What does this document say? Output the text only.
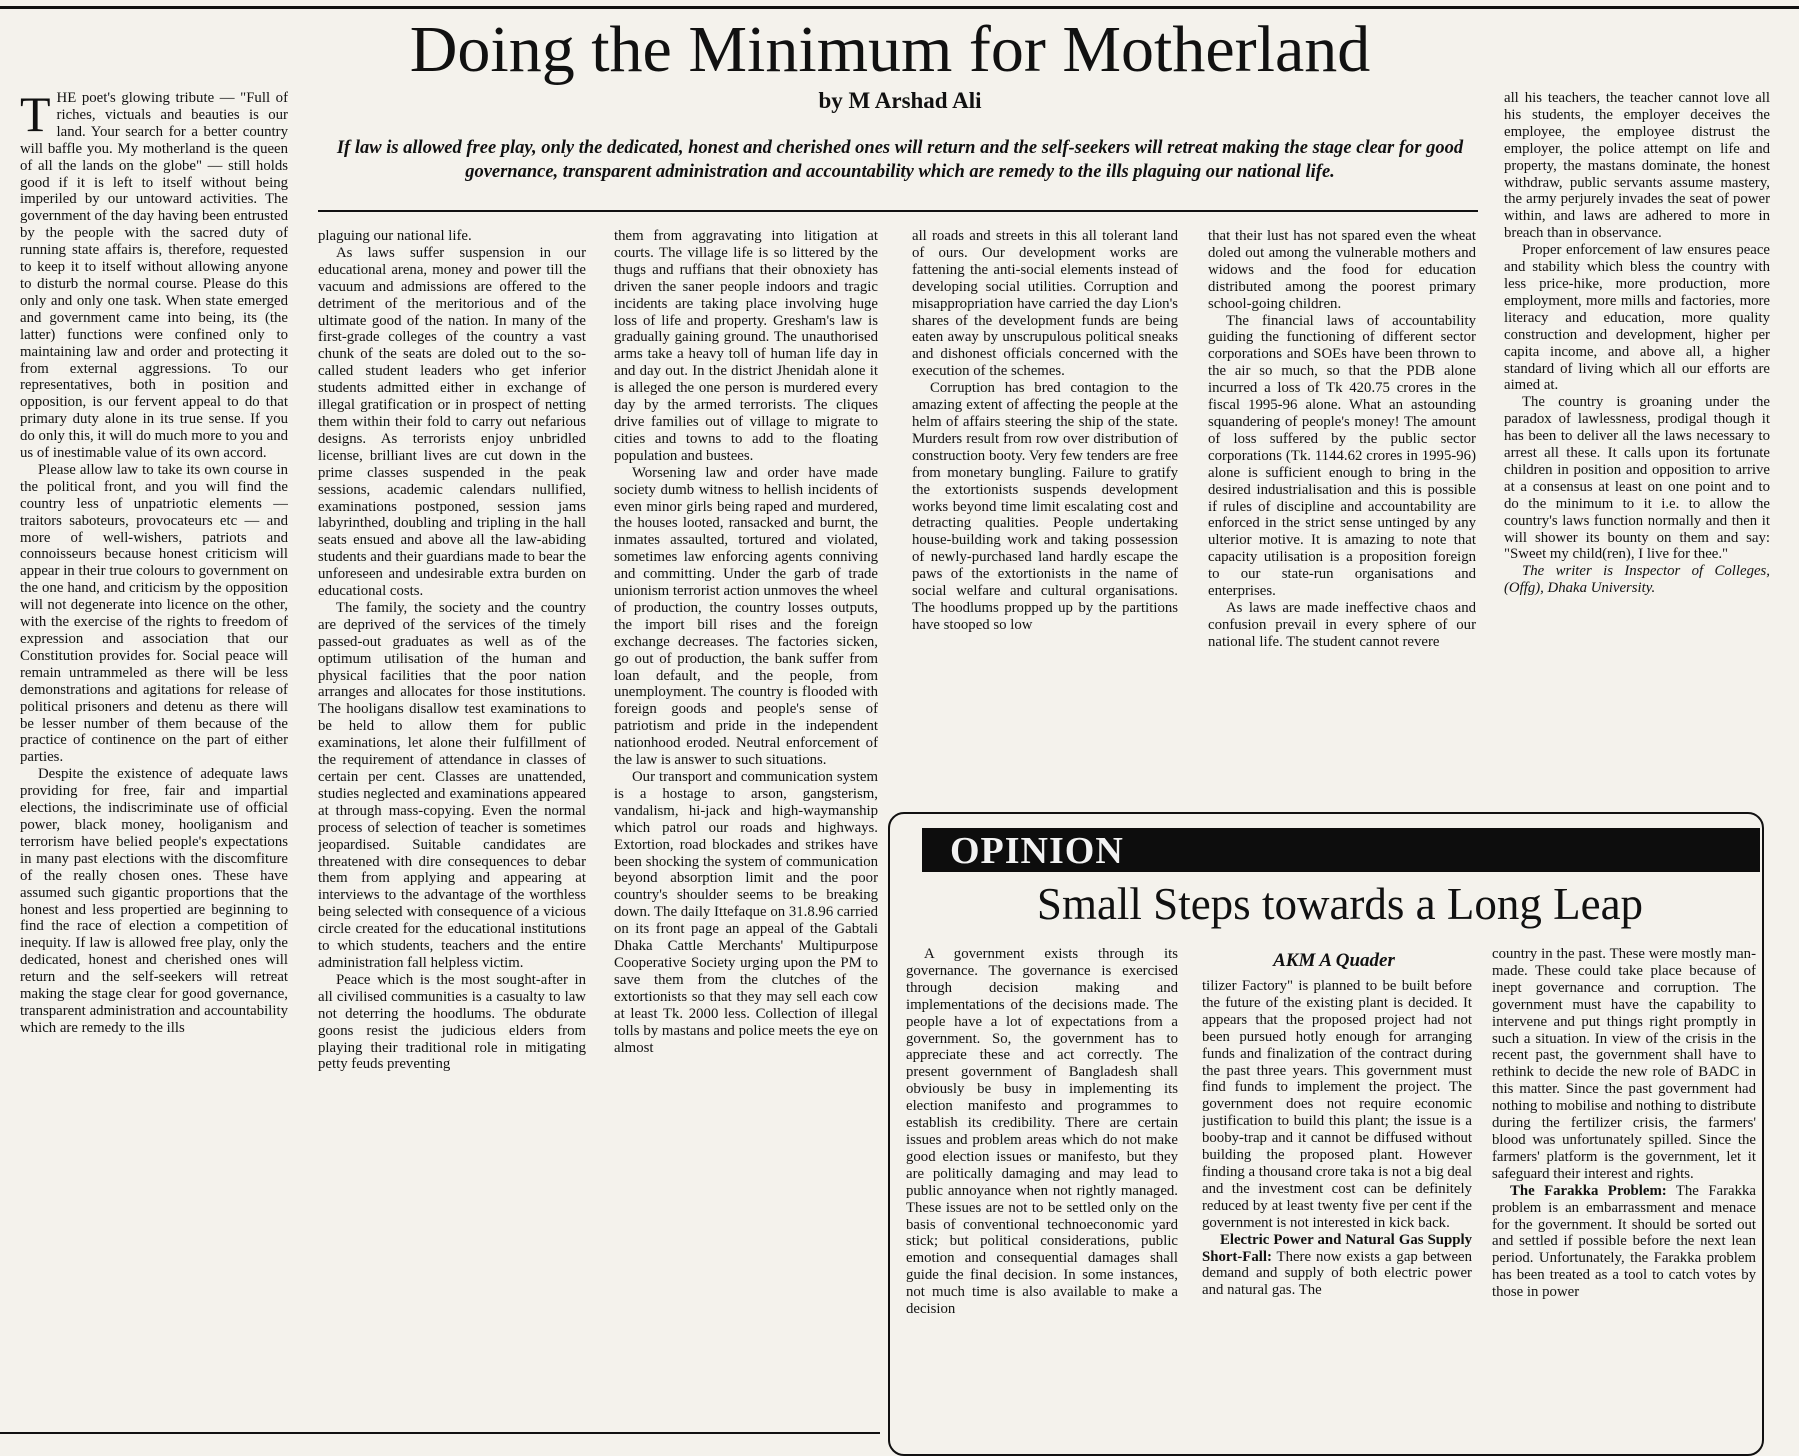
Doing the Minimum for Motherland
by M Arshad Ali
If law is allowed free play, only the dedicated, honest and cherished ones will return and the self-seekers will retreat making the stage clear for good governance, transparent administration and accountability which are remedy to the ills plaguing our national life.

THE poet's glowing tribute — "Full of riches, victuals and beauties is our land. Your search for a better country will baffle you. My motherland is the queen of all the lands on the globe" — still holds good if it is left to itself without being imperiled by our untoward activities. The government of the day having been entrusted by the people with the sacred duty of running state affairs is, therefore, requested to keep it to itself without allowing anyone to disturb the normal course. Please do this only and only one task. When state emerged and government came into being, its (the latter) functions were confined only to maintaining law and order and protecting it from external aggressions. To our representatives, both in position and opposition, is our fervent appeal to do that primary duty alone in its true sense. If you do only this, it will do much more to you and us of inestimable value of its own accord.

Please allow law to take its own course in the political front, and you will find the country less of unpatriotic elements — traitors saboteurs, provocateurs etc — and more of well-wishers, patriots and connoisseurs because honest criticism will appear in their true colours to government on the one hand, and criticism by the opposition will not degenerate into licence on the other, with the exercise of the rights to freedom of expression and association that our Constitution provides for. Social peace will remain untrammeled as there will be less demonstrations and agitations for release of political prisoners and detenu as there will be lesser number of them because of the practice of continence on the part of either parties.

Despite the existence of adequate laws providing for free, fair and impartial elections, the indiscriminate use of official power, black money, hooliganism and terrorism have belied people's expectations in many past elections with the discomfiture of the really chosen ones. These have assumed such gigantic proportions that the honest and less propertied are beginning to find the race of election a competition of inequity. If law is allowed free play, only the dedicated, honest and cherished ones will return and the self-seekers will retreat making the stage clear for good governance, transparent administration and accountability which are remedy to the ills

plaguing our national life.

As laws suffer suspension in our educational arena, money and power till the vacuum and admissions are offered to the detriment of the meritorious and of the ultimate good of the nation. In many of the first-grade colleges of the country a vast chunk of the seats are doled out to the so-called student leaders who get inferior students admitted either in exchange of illegal gratification or in prospect of netting them within their fold to carry out nefarious designs. As terrorists enjoy unbridled license, brilliant lives are cut down in the prime classes suspended in the peak sessions, academic calendars nullified, examinations postponed, session jams labyrinthed, doubling and tripling in the hall seats ensued and above all the law-abiding students and their guardians made to bear the unforeseen and undesirable extra burden on educational costs.

The family, the society and the country are deprived of the services of the timely passed-out graduates as well as of the optimum utilisation of the human and physical facilities that the poor nation arranges and allocates for those institutions. The hooligans disallow test examinations to be held to allow them for public examinations, let alone their fulfillment of the requirement of attendance in classes of certain per cent. Classes are unattended, studies neglected and examinations appeared at through mass-copying. Even the normal process of selection of teacher is sometimes jeopardised. Suitable candidates are threatened with dire consequences to debar them from applying and appearing at interviews to the advantage of the worthless being selected with consequence of a vicious circle created for the educational institutions to which students, teachers and the entire administration fall helpless victim.

Peace which is the most sought-after in all civilised communities is a casualty to law not deterring the hoodlums. The obdurate goons resist the judicious elders from playing their traditional role in mitigating petty feuds preventing

them from aggravating into litigation at courts. The village life is so littered by the thugs and ruffians that their obnoxiety has driven the saner people indoors and tragic incidents are taking place involving huge loss of life and property. Gresham's law is gradually gaining ground. The unauthorised arms take a heavy toll of human life day in and day out. In the district Jhenidah alone it is alleged the one person is murdered every day by the armed terrorists. The cliques drive families out of village to migrate to cities and towns to add to the floating population and bustees.

Worsening law and order have made society dumb witness to hellish incidents of even minor girls being raped and murdered, the houses looted, ransacked and burnt, the inmates assaulted, tortured and violated, sometimes law enforcing agents conniving and committing. Under the garb of trade unionism terrorist action unmoves the wheel of production, the country losses outputs, the import bill rises and the foreign exchange decreases. The factories sicken, go out of production, the bank suffer from loan default, and the people, from unemployment. The country is flooded with foreign goods and people's sense of patriotism and pride in the independent nationhood eroded. Neutral enforcement of the law is answer to such situations.

Our transport and communication system is a hostage to arson, gangsterism, vandalism, hi-jack and high-waymanship which patrol our roads and highways. Extortion, road blockades and strikes have been shocking the system of communication beyond absorption limit and the poor country's shoulder seems to be breaking down. The daily Ittefaque on 31.8.96 carried on its front page an appeal of the Gabtali Dhaka Cattle Merchants' Multipurpose Cooperative Society urging upon the PM to save them from the clutches of the extortionists so that they may sell each cow at least Tk. 2000 less. Collection of illegal tolls by mastans and police meets the eye on almost

all roads and streets in this all tolerant land of ours. Our development works are fattening the anti-social elements instead of developing social utilities. Corruption and misappropriation have carried the day Lion's shares of the development funds are being eaten away by unscrupulous political sneaks and dishonest officials concerned with the execution of the schemes.

Corruption has bred contagion to the amazing extent of affecting the people at the helm of affairs steering the ship of the state. Murders result from row over distribution of construction booty. Very few tenders are free from monetary bungling. Failure to gratify the extortionists suspends development works beyond time limit escalating cost and detracting qualities. People undertaking house-building work and taking possession of newly-purchased land hardly escape the paws of the extortionists in the name of social welfare and cultural organisations. The hoodlums propped up by the partitions have stooped so low

that their lust has not spared even the wheat doled out among the vulnerable mothers and widows and the food for education distributed among the poorest primary school-going children.

The financial laws of accountability guiding the functioning of different sector corporations and SOEs have been thrown to the air so much, so that the PDB alone incurred a loss of Tk 420.75 crores in the fiscal 1995-96 alone. What an astounding squandering of people's money! The amount of loss suffered by the public sector corporations (Tk. 1144.62 crores in 1995-96) alone is sufficient enough to bring in the desired industrialisation and this is possible if rules of discipline and accountability are enforced in the strict sense untinged by any ulterior motive. It is amazing to note that capacity utilisation is a proposition foreign to our state-run organisations and enterprises.

As laws are made ineffective chaos and confusion prevail in every sphere of our national life. The student cannot revere

all his teachers, the teacher cannot love all his students, the employer deceives the employee, the employee distrust the employer, the police attempt on life and property, the mastans dominate, the honest withdraw, public servants assume mastery, the army perjurely invades the seat of power within, and laws are adhered to more in breach than in observance.

Proper enforcement of law ensures peace and stability which bless the country with less price-hike, more production, more employment, more mills and factories, more literacy and education, more quality construction and development, higher per capita income, and above all, a higher standard of living which all our efforts are aimed at.

The country is groaning under the paradox of lawlessness, prodigal though it has been to deliver all the laws necessary to arrest all these. It calls upon its fortunate children in position and opposition to arrive at a consensus at least on one point and to do the minimum to it i.e. to allow the country's laws function normally and then it will shower its bounty on them and say: "Sweet my child(ren), I live for thee."

The writer is Inspector of Colleges, (Offg), Dhaka University.

OPINION
Small Steps towards a Long Leap
AKM A Quader

A government exists through its governance. The governance is exercised through decision making and implementations of the decisions made. The people have a lot of expectations from a government. So, the government has to appreciate these and act correctly. The present government of Bangladesh shall obviously be busy in implementing its election manifesto and programmes to establish its credibility. There are certain issues and problem areas which do not make good election issues or manifesto, but they are politically damaging and may lead to public annoyance when not rightly managed. These issues are not to be settled only on the basis of conventional technoeconomic yard stick; but political considerations, public emotion and consequential damages shall guide the final decision. In some instances, not much time is also available to make a decision

tilizer Factory" is planned to be built before the future of the existing plant is decided. It appears that the proposed project had not been pursued hotly enough for arranging funds and finalization of the contract during the past three years. This government must find funds to implement the project. The government does not require economic justification to build this plant; the issue is a booby-trap and it cannot be diffused without building the proposed plant. However finding a thousand crore taka is not a big deal and the investment cost can be definitely reduced by at least twenty five per cent if the government is not interested in kick back.

Electric Power and Natural Gas Supply Short-Fall: There now exists a gap between demand and supply of both electric power and natural gas. The

country in the past. These were mostly man-made. These could take place because of inept governance and corruption. The government must have the capability to intervene and put things right promptly in such a situation. In view of the crisis in the recent past, the government shall have to rethink to decide the new role of BADC in this matter. Since the past government had nothing to mobilise and nothing to distribute during the fertilizer crisis, the farmers' blood was unfortunately spilled. Since the farmers' platform is the government, let it safeguard their interest and rights.

The Farakka Problem: The Farakka problem is an embarrassment and menace for the government. It should be sorted out and settled if possible before the next lean period. Unfortunately, the Farakka problem has been treated as a tool to catch votes by those in power
